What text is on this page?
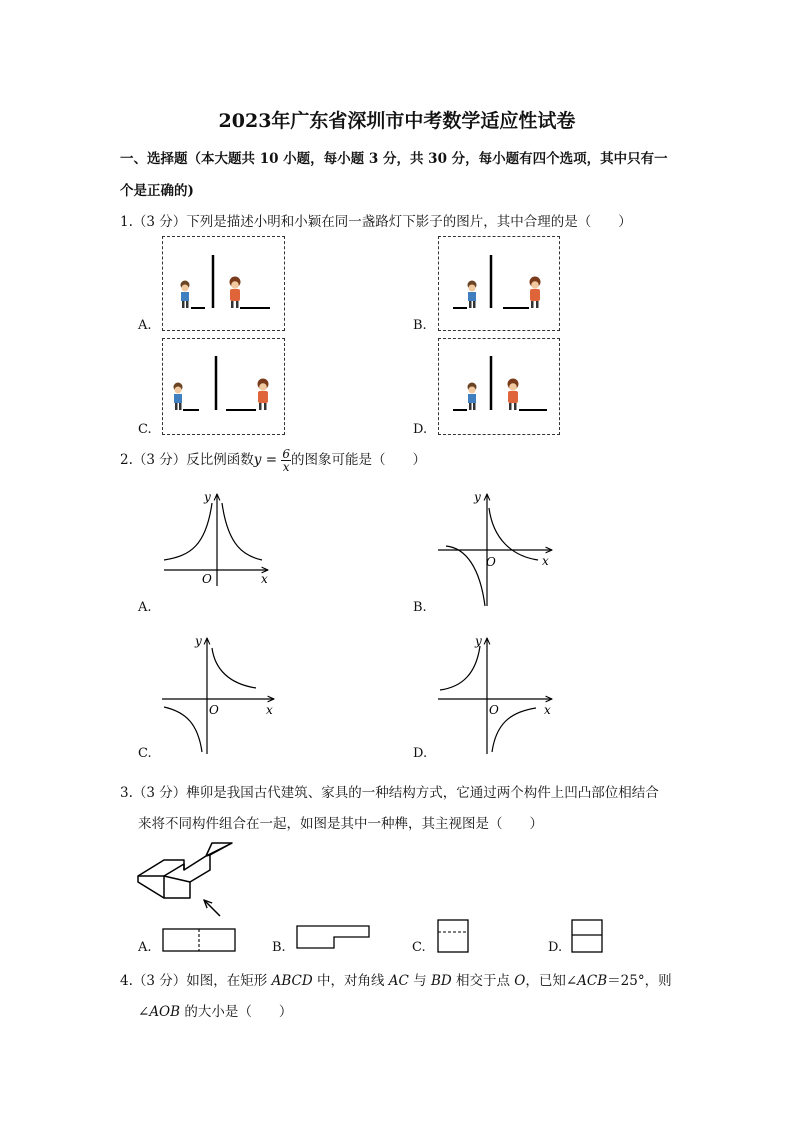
2023年广东省深圳市中考数学适应性试卷
一、选择题（本大题共 10 小题，每小题 3 分，共 30 分，每小题有四个选项，其中只有一
个是正确的)
1.（3 分）下列是描述小明和小颖在同一盏路灯下影子的图片，其中合理的是（　　）
A.	B.
C.	D.
2.（3 分）反比例函数$y = \frac{6}{x}$ 的图象可能是（　　）
y
x
O
y
x
O
y
x
O
y
x
O
A.	B.
C.	D.
3.（3 分）榫卯是我国古代建筑、家具的一种结构方式，它通过两个构件上凹凸部位相结合
来将不同构件组合在一起，如图是其中一种榫，其主视图是（　　）
A.	B.	C.	D.
4.（3 分）如图，在矩形 ABCD 中，对角线 AC 与 BD 相交于点 O，已知∠ACB＝25°，则
∠AOB 的大小是（　　）
